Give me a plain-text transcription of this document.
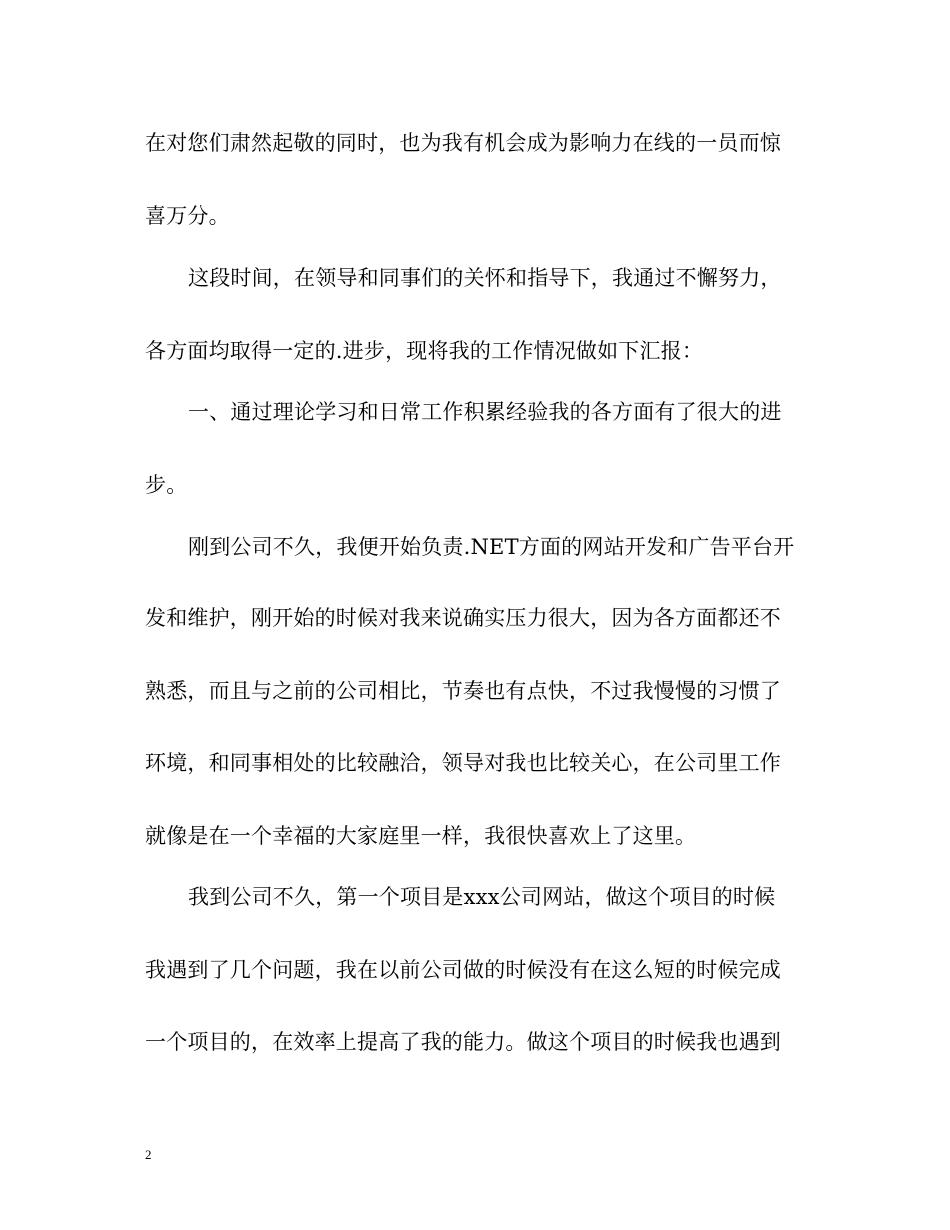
在对您们肃然起敬的同时，也为我有机会成为影响力在线的一员而惊
喜万分。
这段时间，在领导和同事们的关怀和指导下，我通过不懈努力，
各方面均取得一定的.进步，现将我的工作情况做如下汇报：
一、通过理论学习和日常工作积累经验我的各方面有了很大的进
步。
刚到公司不久，我便开始负责.NET方面的网站开发和广告平台开
发和维护，刚开始的时候对我来说确实压力很大，因为各方面都还不
熟悉，而且与之前的公司相比，节奏也有点快，不过我慢慢的习惯了
环境，和同事相处的比较融洽，领导对我也比较关心，在公司里工作
就像是在一个幸福的大家庭里一样，我很快喜欢上了这里。
我到公司不久，第一个项目是xxx公司网站，做这个项目的时候
我遇到了几个问题，我在以前公司做的时候没有在这么短的时候完成
一个项目的，在效率上提高了我的能力。做这个项目的时候我也遇到
2
